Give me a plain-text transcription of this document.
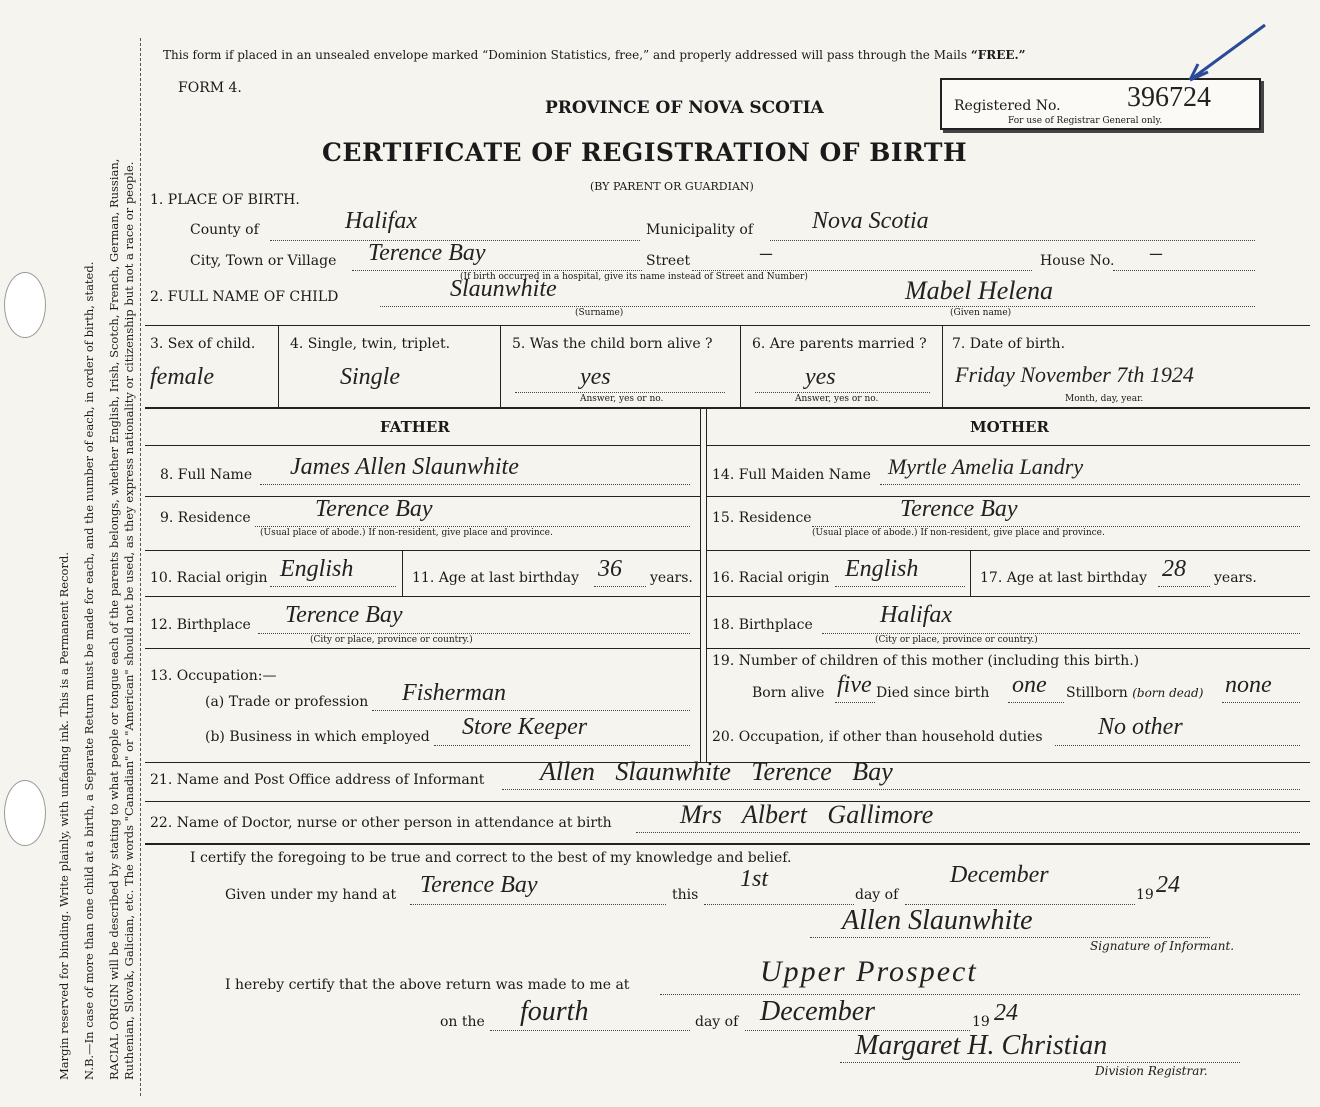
Margin reserved for binding. Write plainly, with unfading ink. This is a Permanent Record. N.B.—In case of more than one child at a birth, a Separate Return must be made for each, and the number of each, in order of birth, stated. RACIAL ORIGIN will be described by stating to what people or tongue each of the parents belongs, whether English, Irish, Scotch, French, German, Russian, Ruthenian, Slovak, Galician, etc. The words "Canadian" or "American" should not be used, as they express nationality or citizenship but not a race or people.
This form if placed in an unsealed envelope marked “Dominion Statistics, free,” and properly addressed will pass through the Mails “FREE.”
FORM 4.
PROVINCE OF NOVA SCOTIA
CERTIFICATE OF REGISTRATION OF BIRTH
(BY PARENT OR GUARDIAN)
Registered No. 396724
For use of Registrar General only.
1. PLACE OF BIRTH.
County of	Halifax	Municipality of Nova Scotia
City, Town or Village Terence Bay	Street	–	House No. –
(If birth occurred in a hospital, give its name instead of Street and Number)
2. FULL NAME OF CHILD	Slaunwhite
(Surname)
Mabel Helena
(Given name)
3. Sex of child.
female
4. Single, twin, triplet.
Single
5. Was the child born alive ?
yes
Answer, yes or no.
6. Are parents married ?
yes
Answer, yes or no.
7. Date of birth.
Friday November 7th 1924
Month, day, year.
FATHER	MOTHER
8. Full Name James Allen Slaunwhite
9. Residence	Terence Bay
(Usual place of abode.) If non-resident, give place and province.
10. Racial origin English	11. Age at last birthday 36 years.
12. Birthplace Terence Bay
(City or place, province or country.)
13. Occupation:—
(a) Trade or profession Fisherman
(b) Business in which employed Store Keeper
14. Full Maiden Name Myrtle Amelia Landry
15. Residence	Terence Bay
(Usual place of abode.) If non-resident, give place and province.
16. Racial origin English	17. Age at last birthday 28 years.
18. Birthplace	Halifax
(City or place, province or country.)
19. Number of children of this mother (including this birth.)
Born alive five Died since birth one Stillborn (born dead) none
20. Occupation, if other than household duties No other
21. Name and Post Office address of Informant Allen Slaunwhite Terence Bay
22. Name of Doctor, nurse or other person in attendance at birth	Mrs Albert Gallimore
I certify the foregoing to be true and correct to the best of my knowledge and belief.
Given under my hand at Terence Bay	this
1st
day of
December
19 24
Allen Slaunwhite
Signature of Informant.
I hereby certify that the above return was made to me at	Upper Prospect
on the fourth	day of December	19 24
Margaret H. Christian
Division Registrar.
